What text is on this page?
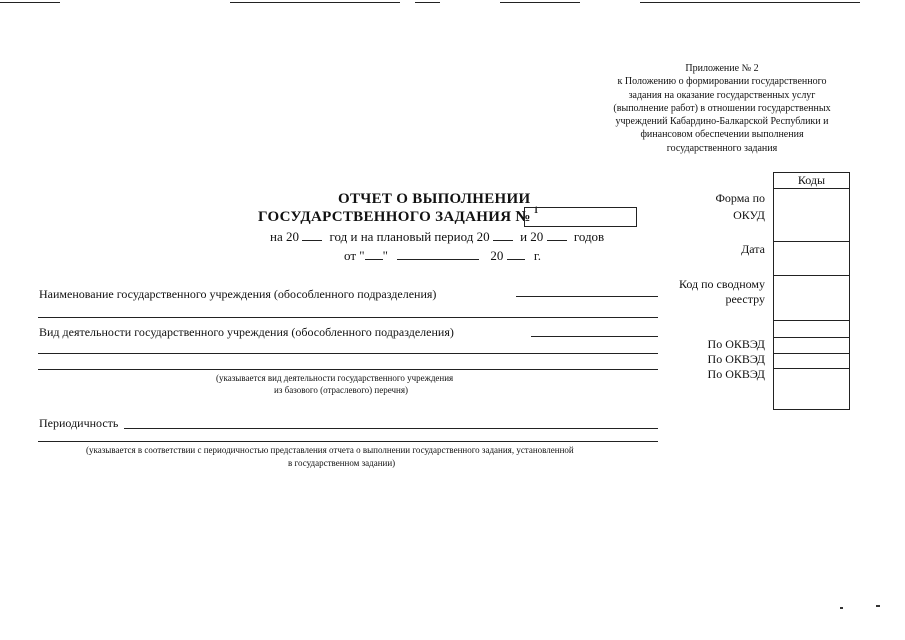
Приложение № 2
к Положению о формировании государственного
задания на оказание государственных услуг
(выполнение работ) в отношении государственных
учреждений Кабардино-Балкарской Республики и
финансовом обеспечении выполнения
государственного задания
ОТЧЕТ О ВЫПОЛНЕНИИ
ГОСУДАРСТВЕННОГО ЗАДАНИЯ № $^1$
на 20 год и на плановый период 20 и 20 годов
от " "	20 г.
Наименование государственного учреждения (обособленного подразделения)
Вид деятельности государственного учреждения (обособленного подразделения)
(указывается вид деятельности государственного учреждения
из базового (отраслевого) перечня)
Периодичность
(указывается в соответствии с периодичностью представления отчета о выполнении государственного задания, установленной
в государственном задании)
Форма по
ОКУД
Дата
Код по сводному
реестру
По ОКВЭД
По ОКВЭД
По ОКВЭД
Коды
